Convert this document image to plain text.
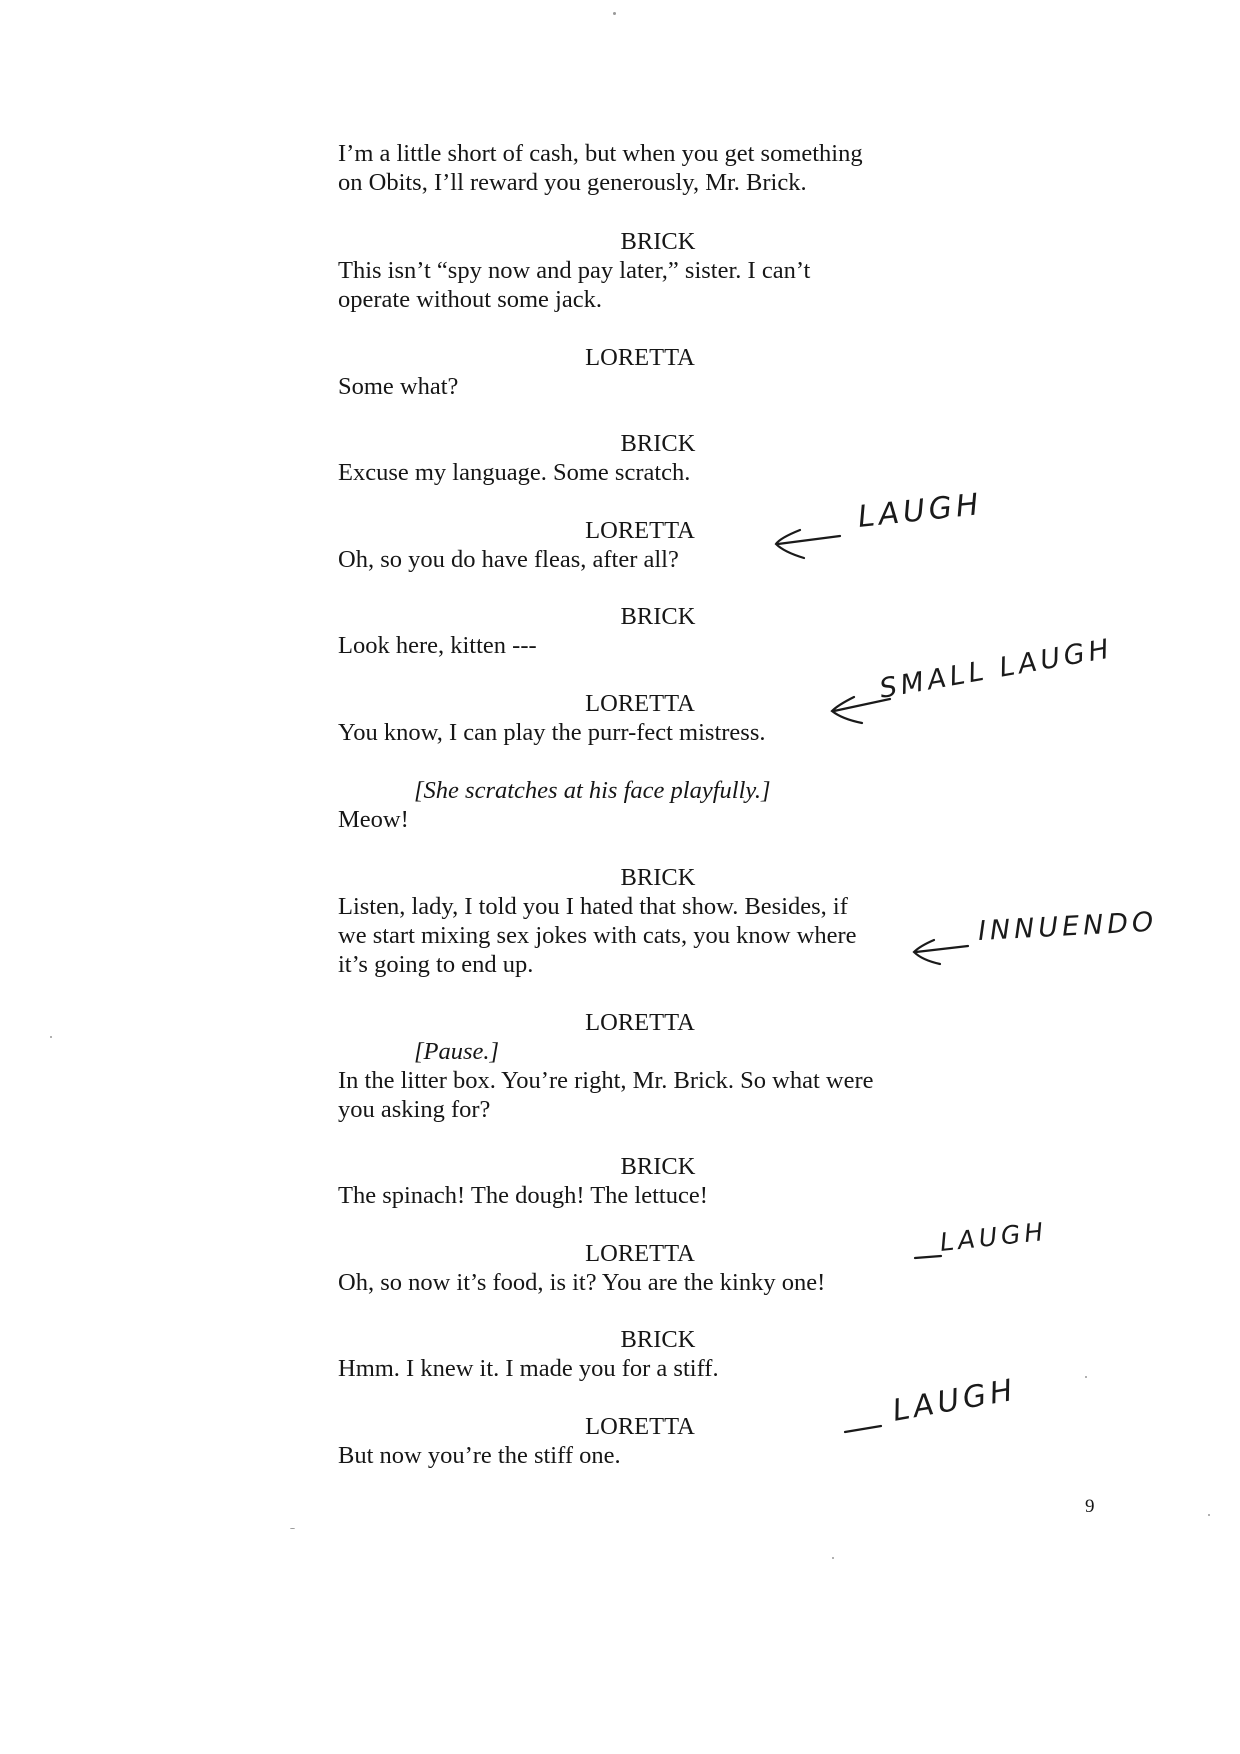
I’m a little short of cash, but when you get something
on Obits, I’ll reward you generously, Mr. Brick.
BRICK
This isn’t “spy now and pay later,” sister. I can’t
operate without some jack.
LORETTA
Some what?
BRICK
Excuse my language. Some scratch.
LORETTA
Oh, so you do have fleas, after all?
BRICK
Look here, kitten ---
LORETTA
You know, I can play the purr-fect mistress.
[She scratches at his face playfully.]
Meow!
BRICK
Listen, lady, I told you I hated that show. Besides, if
we start mixing sex jokes with cats, you know where
it’s going to end up.
LORETTA
[Pause.]
In the litter box. You’re right, Mr. Brick. So what were
you asking for?
BRICK
The spinach! The dough! The lettuce!
LORETTA
Oh, so now it’s food, is it? You are the kinky one!
BRICK
Hmm. I knew it. I made you for a stiff.
LORETTA
But now you’re the stiff one.
LAUGH
SMALL LAUGH
INNUENDO
LAUGH
LAUGH
9
